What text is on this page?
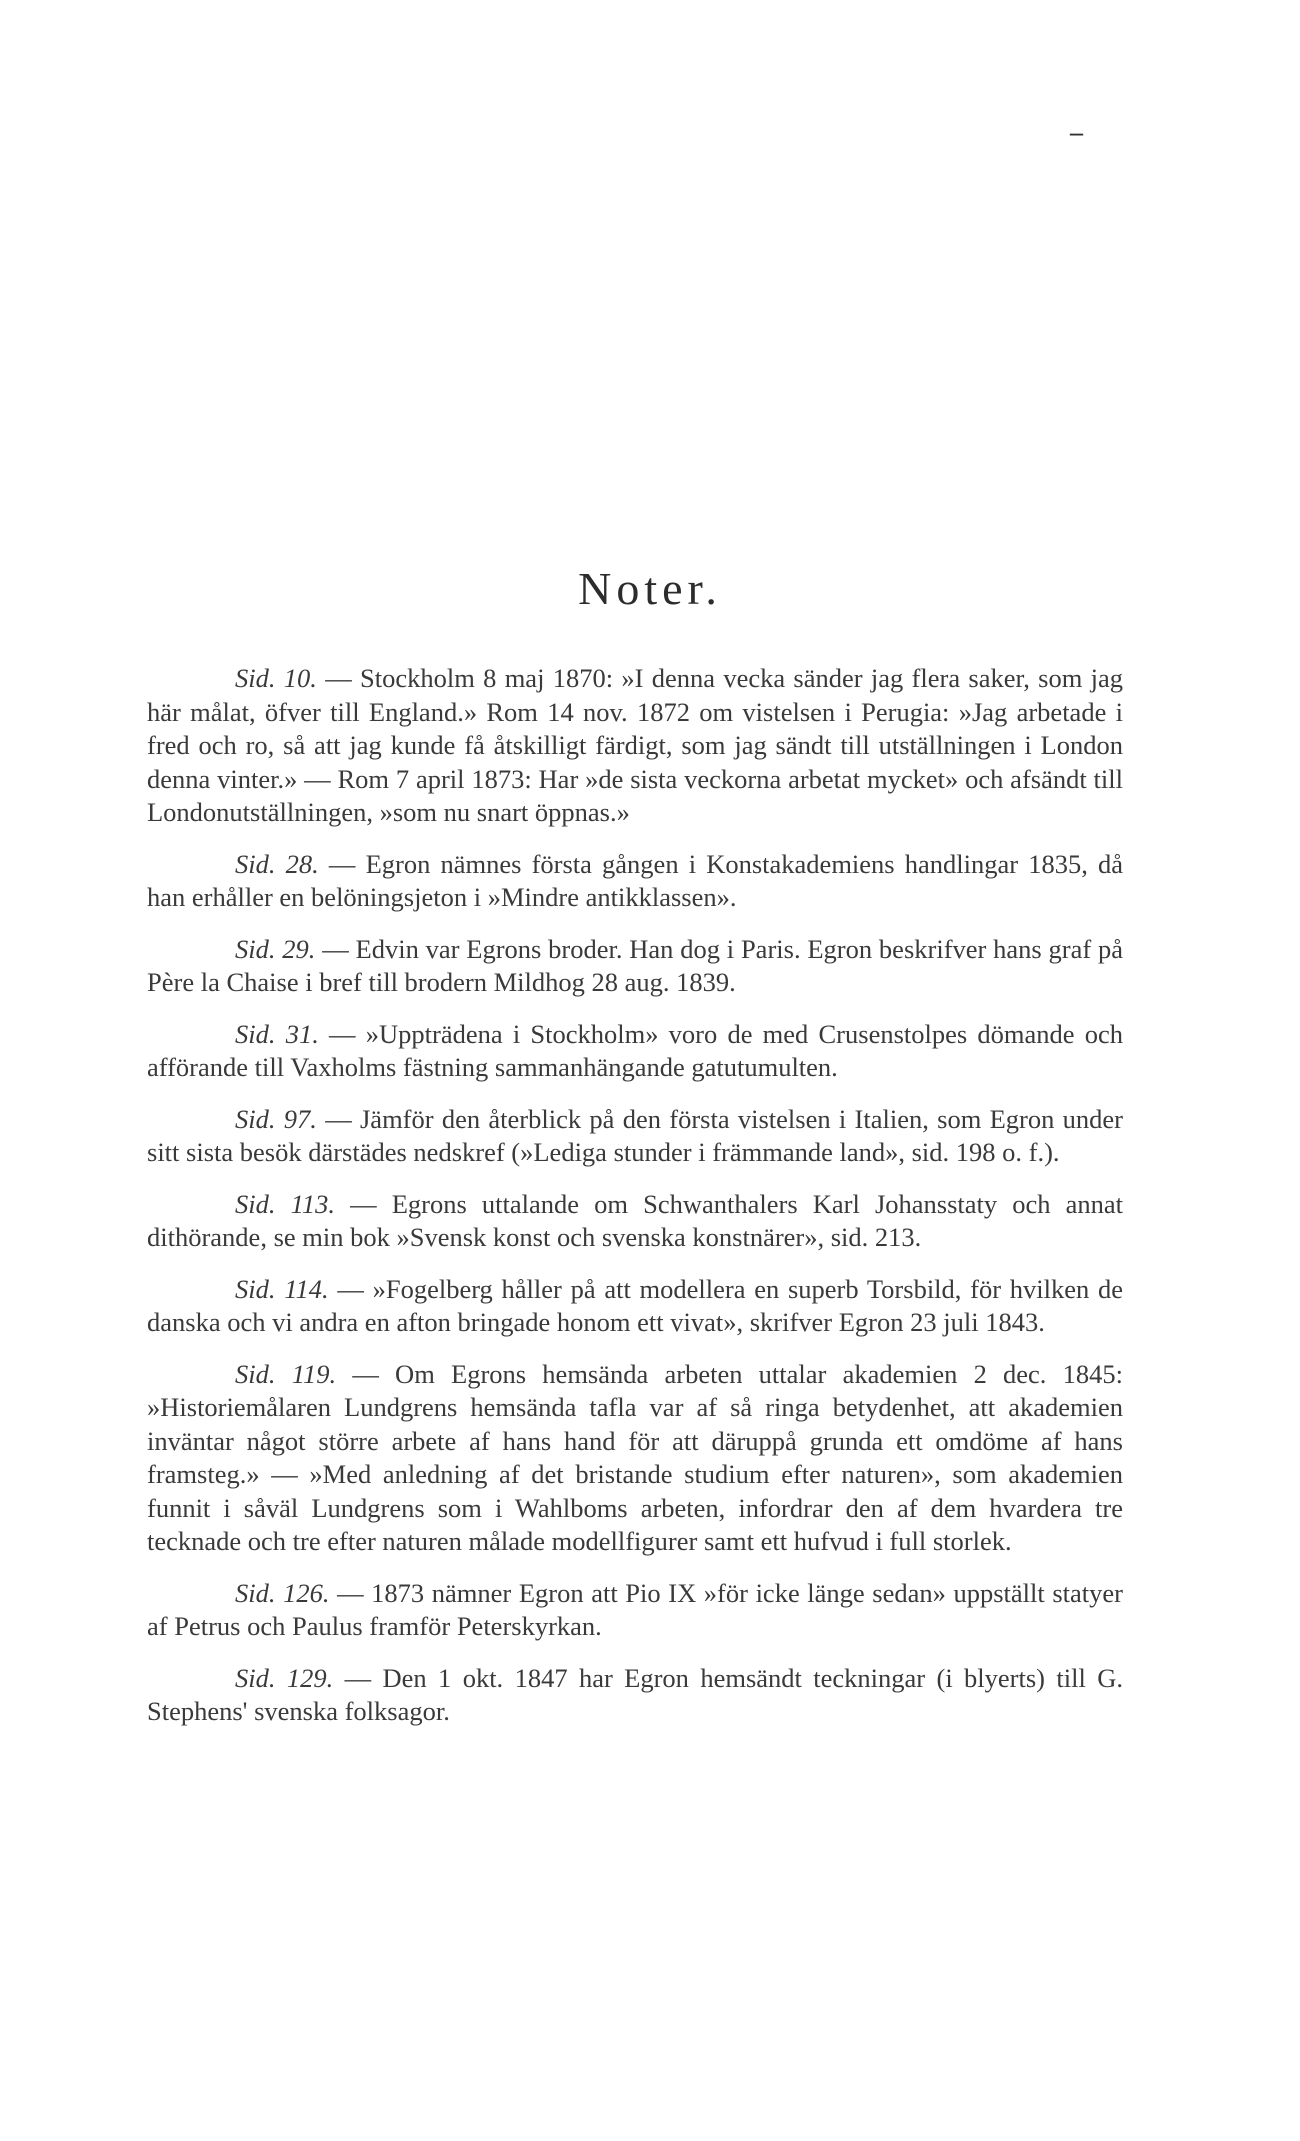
–
Noter.

Sid. 10. — Stockholm 8 maj 1870: »I denna vecka sänder jag flera saker, som jag här målat, öfver till England.» Rom 14 nov. 1872 om vistelsen i Perugia: »Jag arbetade i fred och ro, så att jag kunde få åtskilligt färdigt, som jag sändt till utställningen i London denna vinter.» — Rom 7 april 1873: Har »de sista veckorna arbetat mycket» och afsändt till Londonutställningen, »som nu snart öppnas.»

Sid. 28. — Egron nämnes första gången i Konstakademiens handlingar 1835, då han erhåller en belöningsjeton i »Mindre antikklassen».

Sid. 29. — Edvin var Egrons broder. Han dog i Paris. Egron beskrifver hans graf på Père la Chaise i bref till brodern Mildhog 28 aug. 1839.

Sid. 31. — »Uppträdena i Stockholm» voro de med Crusenstolpes dömande och afförande till Vaxholms fästning sammanhängande gatutumulten.

Sid. 97. — Jämför den återblick på den första vistelsen i Italien, som Egron under sitt sista besök därstädes nedskref (»Lediga stunder i främmande land», sid. 198 o. f.).

Sid. 113. — Egrons uttalande om Schwanthalers Karl Johansstaty och annat dithörande, se min bok »Svensk konst och svenska konstnärer», sid. 213.

Sid. 114. — »Fogelberg håller på att modellera en superb Torsbild, för hvilken de danska och vi andra en afton bringade honom ett vivat», skrifver Egron 23 juli 1843.

Sid. 119. — Om Egrons hemsända arbeten uttalar akademien 2 dec. 1845: »Historiemålaren Lundgrens hemsända tafla var af så ringa betydenhet, att akademien inväntar något större arbete af hans hand för att däruppå grunda ett omdöme af hans framsteg.» — »Med anledning af det bristande studium efter naturen», som akademien funnit i såväl Lundgrens som i Wahlboms arbeten, infordrar den af dem hvardera tre tecknade och tre efter naturen målade modellfigurer samt ett hufvud i full storlek.

Sid. 126. — 1873 nämner Egron att Pio IX »för icke länge sedan» uppställt statyer af Petrus och Paulus framför Peterskyrkan.

Sid. 129. — Den 1 okt. 1847 har Egron hemsändt teckningar (i blyerts) till G. Stephens' svenska folksagor.
